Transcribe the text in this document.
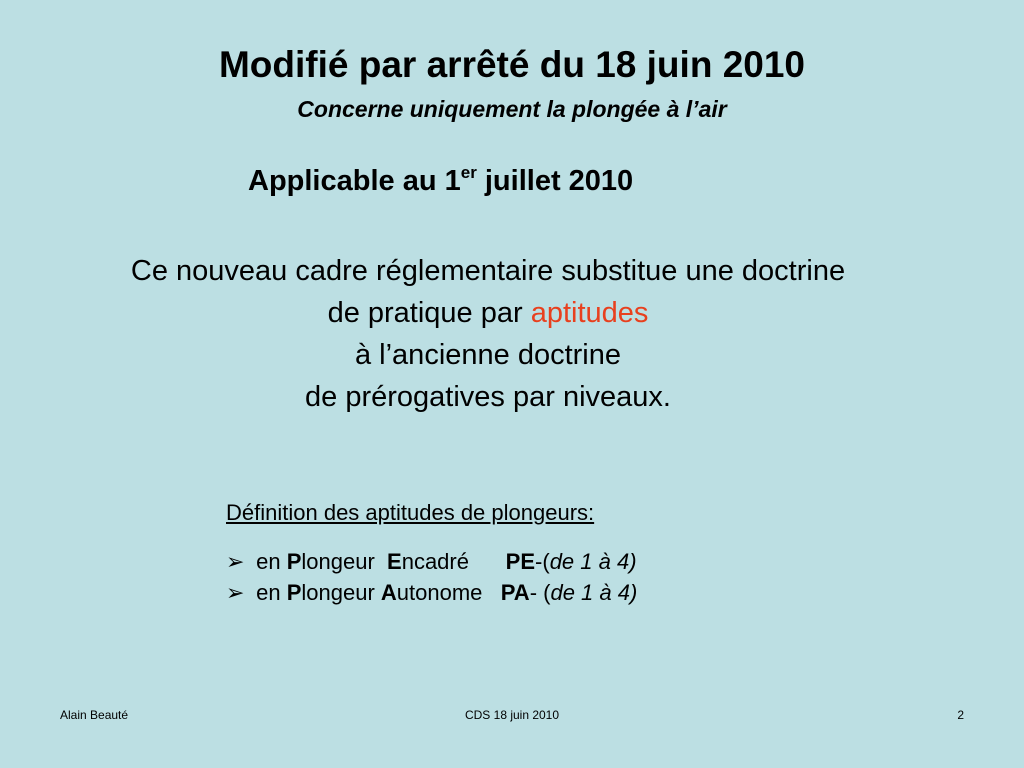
Modifié par arrêté du 18 juin 2010
Concerne uniquement la plongée à l’air
Applicable au 1er juillet 2010
Ce nouveau cadre réglementaire substitue une doctrine
de pratique par aptitudes
à l’ancienne doctrine
de prérogatives par niveaux.
Définition des aptitudes de plongeurs:
➢ en Plongeur  Encadré PE-(de 1 à 4)
➢ en Plongeur Autonome PA- (de 1 à 4)
Alain Beauté	CDS 18 juin 2010	2
